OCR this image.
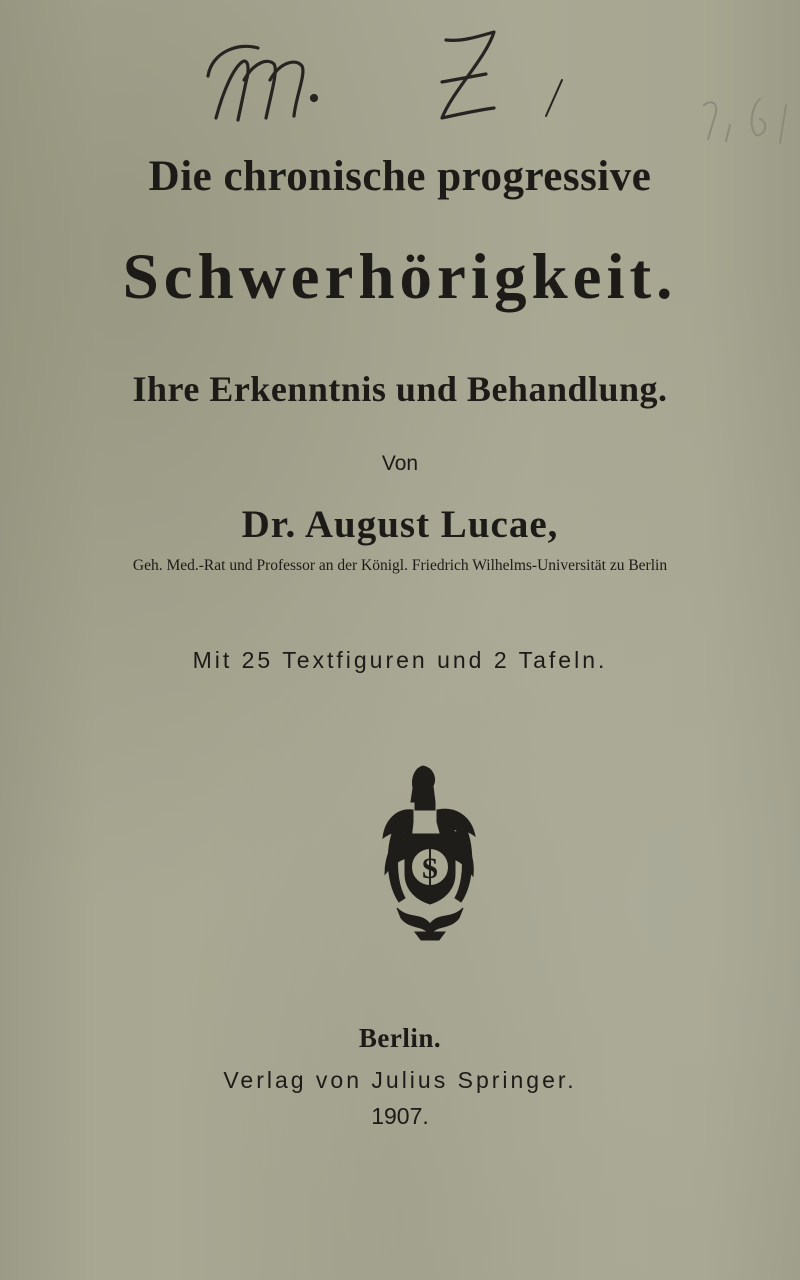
Die chronische progressive
Schwerhörigkeit.
Ihre Erkenntnis und Behandlung.
Von
Dr. August Lucae,
Geh. Med.-Rat und Professor an der Königl. Friedrich Wilhelms-Universität zu Berlin
Mit 25 Textfiguren und 2 Tafeln.
S
Berlin.
Verlag von Julius Springer.
1907.
